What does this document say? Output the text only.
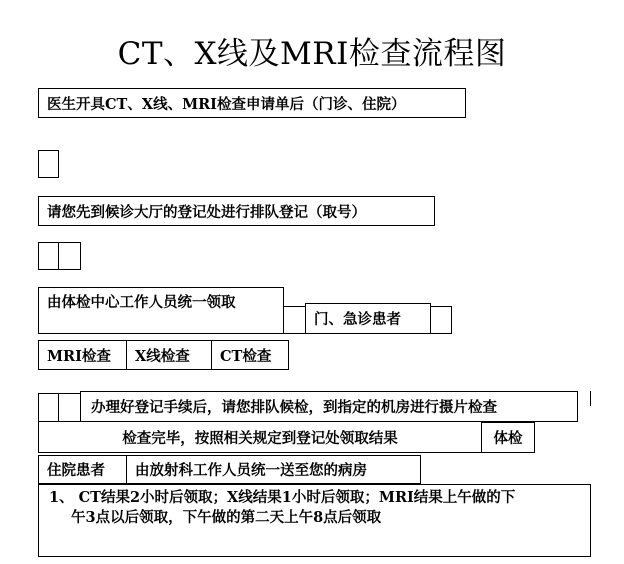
CT、X线及MRI检查流程图
医生开具CT、X线、MRI检查申请单后（门诊、住院）
请您先到候诊大厅的登记处进行排队登记（取号）
由体检中心工作人员统一领取
门、急诊患者
MRI检查	X线检查	CT检查
办理好登记手续后，请您排队候检，到指定的机房进行摄片检查
检查完毕，按照相关规定到登记处领取结果	体检
住院患者	由放射科工作人员统一送至您的病房
1、 CT结果2小时后领取；X线结果1小时后领取；MRI结果上午做的下
午3点以后领取，下午做的第二天上午8点后领取
